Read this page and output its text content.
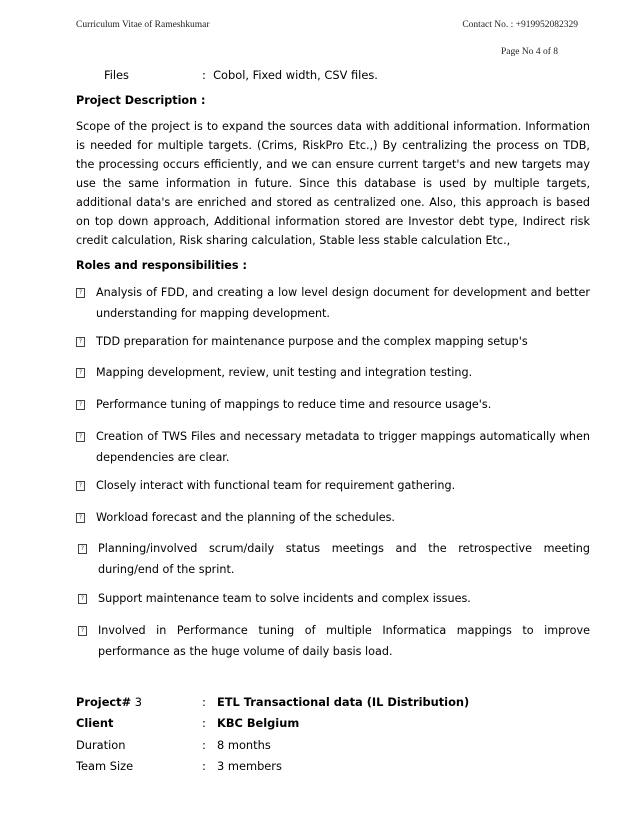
Curriculum Vitae of Rameshkumar	Contact No. : +919952082329
Page No 4 of 8
Files	: Cobol, Fixed width, CSV files.
Project Description :

Scope of the project is to expand the sources data with additional information. Information is needed for multiple targets. (Crims, RiskPro Etc.,) By centralizing the process on TDB, the processing occurs efficiently, and we can ensure current target's and new targets may use the same information in future. Since this database is used by multiple targets, additional data's are enriched and stored as centralized one. Also, this approach is based on top down approach, Additional information stored are Investor debt type, Indirect risk credit calculation, Risk sharing calculation, Stable less stable calculation Etc.,

Roles and responsibilities :
? Analysis of FDD, and creating a low level design document for development and better understanding for mapping development.
? TDD preparation for maintenance purpose and the complex mapping setup's
? Mapping development, review, unit testing and integration testing.
? Performance tuning of mappings to reduce time and resource usage's.
? Creation of TWS Files and necessary metadata to trigger mappings automatically when dependencies are clear.
? Closely interact with functional team for requirement gathering.
? Workload forecast and the planning of the schedules.
? Planning/involved scrum/daily status meetings and the retrospective meeting during/end of the sprint.
? Support maintenance team to solve incidents and complex issues.
? Involved in Performance tuning of multiple Informatica mappings to improve performance as the huge volume of daily basis load.
Project# 3	: ETL Transactional data (IL Distribution)
Client	: KBC Belgium
Duration	: 8 months
Team Size	: 3 members
